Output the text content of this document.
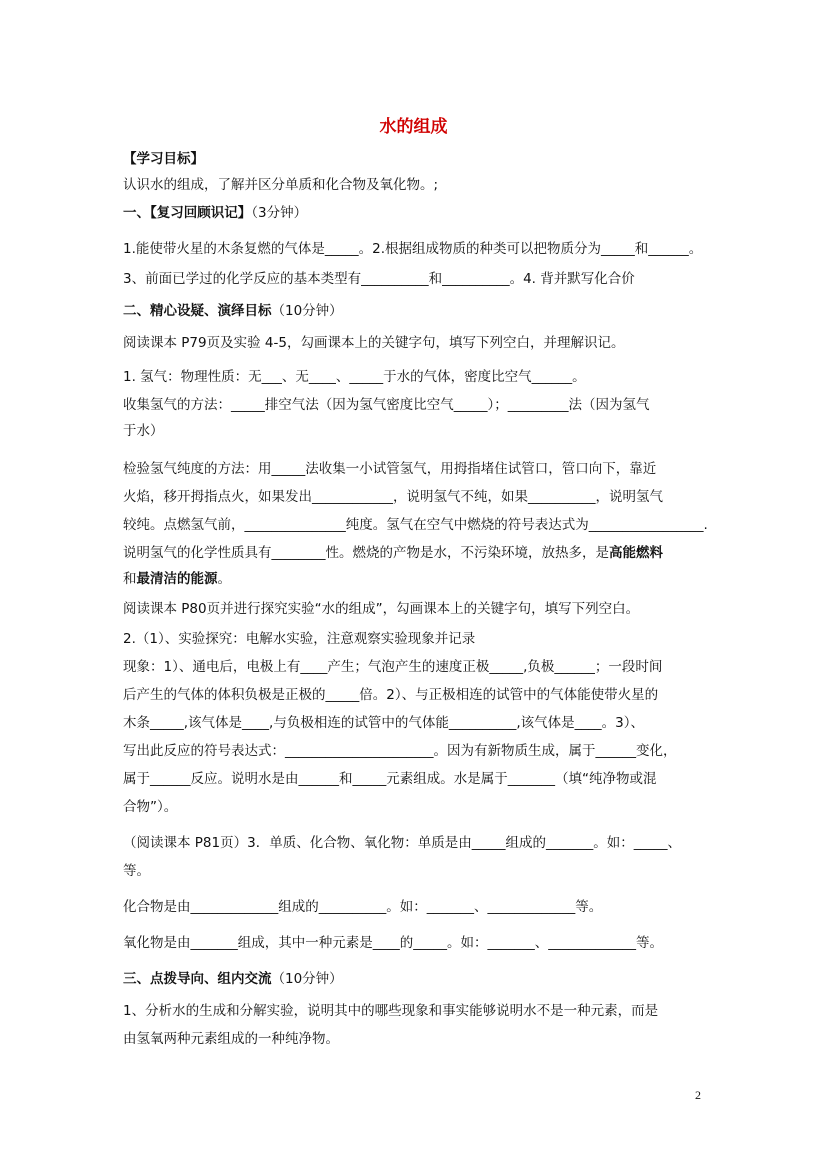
水的组成
【学习目标】
认识水的组成，了解并区分单质和化合物及氧化物。;
一、【复习回顾识记】（3分钟）
1.能使带火星的木条复燃的气体是_____。2.根据组成物质的种类可以把物质分为_____和______。
3、前面已学过的化学反应的基本类型有__________和__________。4. 背并默写化合价
二、精心设疑、演绎目标（10分钟）
阅读课本 P79页及实验 4-5，勾画课本上的关键字句，填写下列空白，并理解识记。
1. 氢气：物理性质：无___、无____、_____于水的气体，密度比空气______。
收集氢气的方法：_____排空气法（因为氢气密度比空气_____）；_________法（因为氢气
于水）
检验氢气纯度的方法：用_____法收集一小试管氢气，用拇指堵住试管口，管口向下，靠近
火焰，移开拇指点火，如果发出____________，说明氢气不纯，如果__________，说明氢气
较纯。点燃氢气前，_______________纯度。氢气在空气中燃烧的符号表达式为_________________.
说明氢气的化学性质具有________性。燃烧的产物是水，不污染环境，放热多，是高能燃料
和最清洁的能源。
阅读课本 P80页并进行探究实验“水的组成”，勾画课本上的关键字句，填写下列空白。
2.（1）、实验探究：电解水实验，注意观察实验现象并记录
现象：1）、通电后，电极上有____产生；气泡产生的速度正极_____,负极______；一段时间
后产生的气体的体积负极是正极的_____倍。2）、与正极相连的试管中的气体能使带火星的
木条_____,该气体是____,与负极相连的试管中的气体能__________,该气体是____。3）、
写出此反应的符号表达式：______________________。因为有新物质生成，属于______变化，
属于______反应。说明水是由______和_____元素组成。水是属于_______（填“纯净物或混
合物”）。
（阅读课本 P81页）3．单质、化合物、氧化物：单质是由_____组成的_______。如：_____、
等。
化合物是由_____________组成的__________。如：_______、_____________等。
氧化物是由_______组成，其中一种元素是____的_____。如：_______、_____________等。
三、点拨导向、组内交流（10分钟）
1、分析水的生成和分解实验，说明其中的哪些现象和事实能够说明水不是一种元素，而是
由氢氧两种元素组成的一种纯净物。
2
